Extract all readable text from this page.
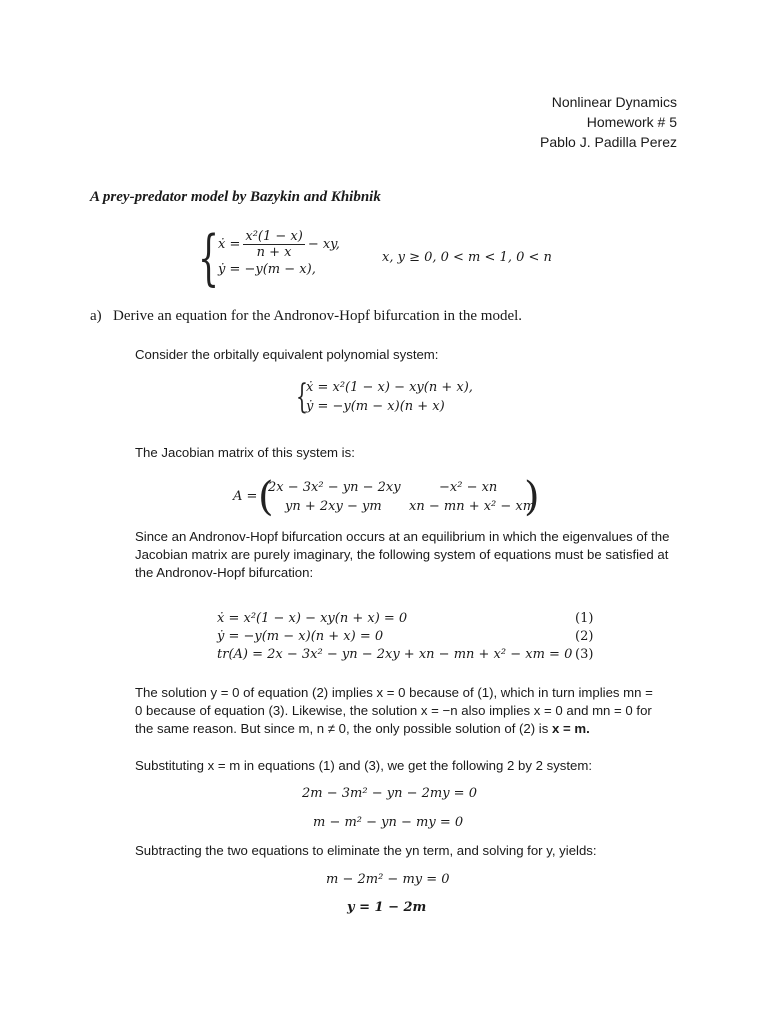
Nonlinear Dynamics
Homework # 5
Pablo J. Padilla Perez
A prey-predator model by Bazykin and Khibnik
{
ẋ = $\frac{\text{x²(1 − x)}}{n + x}$ − xy,
ẏ = −y(m − x),
x, y ≥ 0, 0 < m < 1, 0 < n
a) Derive an equation for the Andronov-Hopf bifurcation in the model.
Consider the orbitally equivalent polynomial system:
{
ẋ = x²(1 − x) − xy(n + x),
ẏ = −y(m − x)(n + x)
The Jacobian matrix of this system is:
A = (
2x − 3x² − yn − 2xy	−x² − xn
yn + 2xy − ym xn − mn + x² − xm
)
Since an Andronov-Hopf bifurcation occurs at an equilibrium in which the eigenvalues of the Jacobian matrix are purely imaginary, the following system of equations must be satisfied at the Andronov-Hopf bifurcation:
ẋ = x²(1 − x) − xy(n + x) = 0	(1)
ẏ = −y(m − x)(n + x) = 0	(2)
tr(A) = 2x − 3x² − yn − 2xy + xn − mn + x² − xm = 0 (3)
The solution y = 0 of equation (2) implies x = 0 because of (1), which in turn implies mn =
0 because of equation (3). Likewise, the solution x = −n also implies x = 0 and mn = 0 for
the same reason. But since m, n ≠ 0, the only possible solution of (2) is x = m.
Substituting x = m in equations (1) and (3), we get the following 2 by 2 system:
2m − 3m² − yn − 2my = 0
m − m² − yn − my = 0
Subtracting the two equations to eliminate the yn term, and solving for y, yields:
m − 2m² − my = 0
y = 1 − 2m
